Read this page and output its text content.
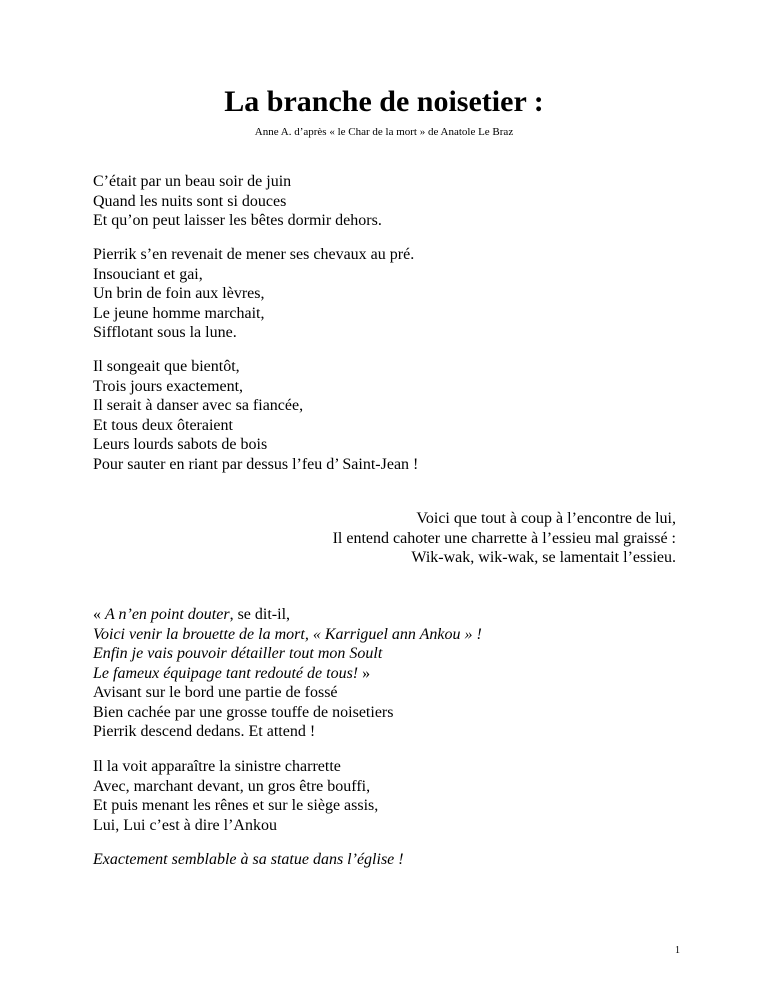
La branche de noisetier :
Anne A. d’après « le Char de la mort » de Anatole Le Braz
C’était par un beau soir de juin
Quand les nuits sont si douces
Et qu’on peut laisser les bêtes dormir dehors.
Pierrik s’en revenait de mener ses chevaux au pré.
Insouciant et gai,
Un brin de foin aux lèvres,
Le jeune homme marchait,
Sifflotant sous la lune.
Il songeait que bientôt,
Trois jours exactement,
Il serait à danser avec sa fiancée,
Et tous deux ôteraient
Leurs lourds sabots de bois
Pour sauter en riant par dessus l’feu d’ Saint-Jean !
Voici que tout à coup à l’encontre de lui,
Il entend cahoter une charrette à l’essieu mal graissé :
Wik-wak, wik-wak, se lamentait l’essieu.
« A n’en point douter, se dit-il,
Voici venir la brouette de la mort, « Karriguel ann Ankou » !
Enfin je vais pouvoir détailler tout mon Soult
Le fameux équipage tant redouté de tous! »
Avisant sur le bord une partie de fossé
Bien cachée par une grosse touffe de noisetiers
Pierrik descend dedans. Et attend !
Il la voit apparaître la sinistre charrette
Avec, marchant devant, un gros être bouffi,
Et puis menant les rênes et sur le siège assis,
Lui, Lui c’est à dire l’Ankou
Exactement semblable à sa statue dans l’église !
1
